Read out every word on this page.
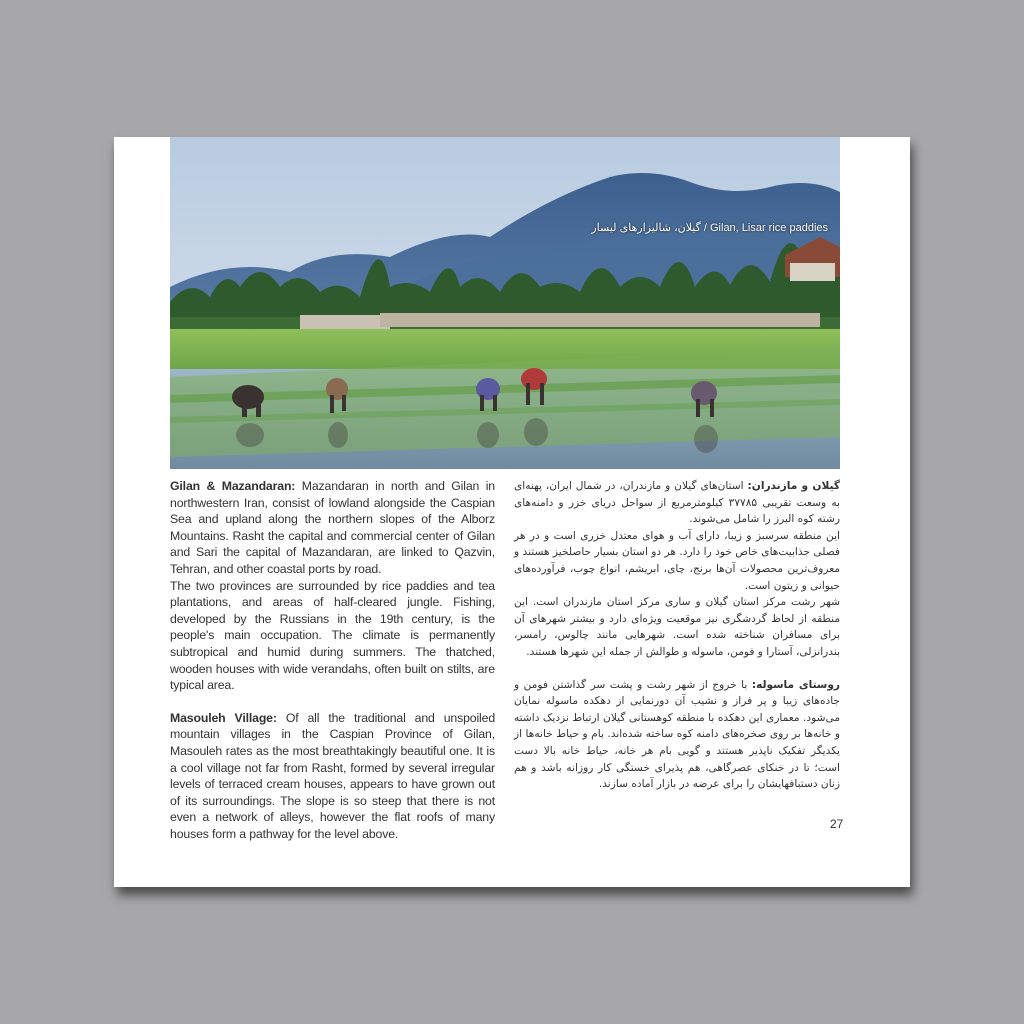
گیلان، شالیزارهای لیسار / Gilan, Lisar rice paddies

Gilan & Mazandaran: Mazandaran in north and Gilan in northwestern Iran, consist of lowland alongside the Caspian Sea and upland along the northern slopes of the Alborz Mountains. Rasht the capital and commercial center of Gilan and Sari the capital of Mazandaran, are linked to Qazvin, Tehran, and other coastal ports by road.

The two provinces are surrounded by rice paddies and tea plantations, and areas of half-cleared jungle. Fishing, developed by the Russians in the 19th century, is the people's main occupation. The climate is permanently subtropical and humid during summers. The thatched, wooden houses with wide verandahs, often built on stilts, are typical area.

Masouleh Village: Of all the traditional and unspoiled mountain villages in the Caspian Province of Gilan, Masouleh rates as the most breathtakingly beautiful one. It is a cool village not far from Rasht, formed by several irregular levels of terraced cream houses, appears to have grown out of its surroundings. The slope is so steep that there is not even a network of alleys, however the flat roofs of many houses form a pathway for the level above.

گیلان و مازندران: استان‌های گیلان و مازندران، در شمال ایران، پهنه‌ای به وسعت تقریبی ۳۷۷۸۵ کیلومترمربع از سواحل دریای خزر و دامنه‌های رشته کوه البرز را شامل می‌شوند.

این منطقه سرسبز و زیبا، دارای آب و هوای معتدل خزری است و در هر فصلی جذابیت‌های خاص خود را دارد. هر دو استان بسیار حاصلخیز هستند و معروف‌ترین محصولات آن‌ها برنج، چای، ابریشم، انواع چوب، فرآورده‌های حیوانی و زیتون است.

شهر رشت مرکز استان گیلان و ساری مرکز استان مازندران است. این منطقه از لحاظ گردشگری نیز موقعیت ویژه‌ای دارد و بیشتر شهرهای آن برای مسافران شناخته شده است. شهرهایی مانند چالوس، رامسر، بندرانزلی، آستارا و فومن، ماسوله و طوالش از جمله این شهرها هستند.

روستای ماسوله: با خروج از شهر رشت و پشت سر گذاشتن فومن و جاده‌های زیبا و پر فراز و نشیب آن دورنمایی از دهکده ماسوله نمایان می‌شود. معماری این دهکده با منطقه کوهستانی گیلان ارتباط نزدیک داشته و خانه‌ها بر روی صخره‌های دامنه کوه ساخته شده‌اند. بام و حیاط خانه‌ها از یکدیگر تفکیک ناپذیر هستند و گویی بام هر خانه، حیاط خانه بالا دست است؛ تا در خنکای عصرگاهی، هم پذیرای خستگی کار روزانه باشد و هم زنان دستبافهایشان را برای عرضه در بازار آماده سازند.

27
